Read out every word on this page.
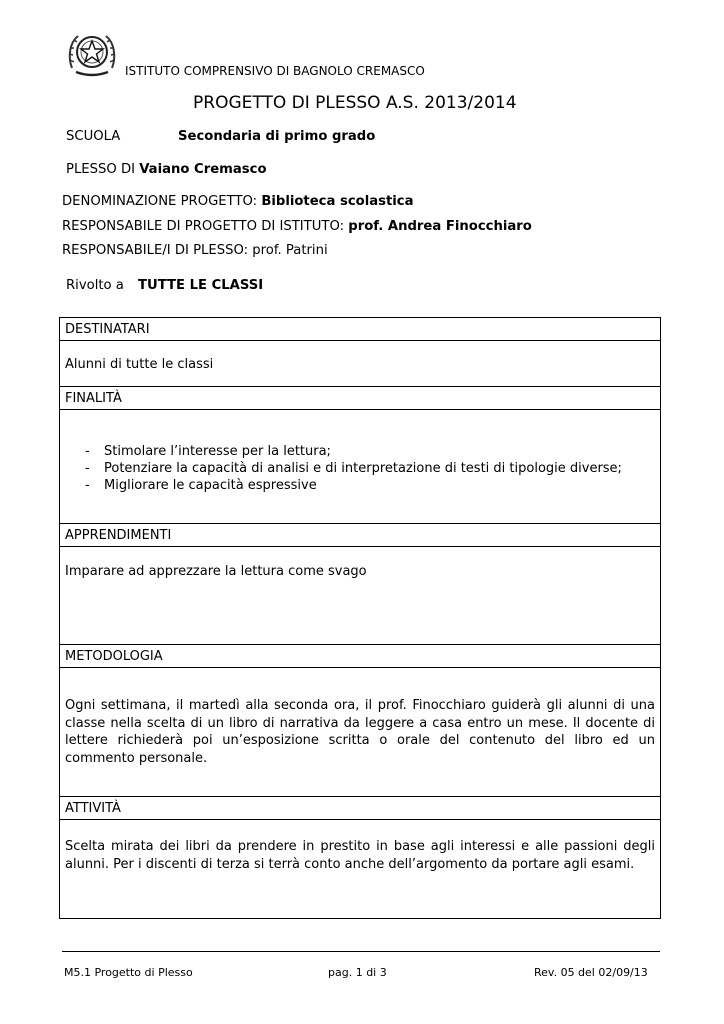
ISTITUTO COMPRENSIVO DI BAGNOLO CREMASCO
PROGETTO DI PLESSO A.S. 2013/2014
SCUOLA	Secondaria di primo grado
PLESSO DI Vaiano Cremasco
DENOMINAZIONE PROGETTO: Biblioteca scolastica
RESPONSABILE DI PROGETTO DI ISTITUTO: prof. Andrea Finocchiaro
RESPONSABILE/I DI PLESSO: prof. Patrini
Rivolto a TUTTE LE CLASSI
DESTINATARI
Alunni di tutte le classi
FINALITÀ
- Stimolare l’interesse per la lettura;
- Potenziare la capacità di analisi e di interpretazione di testi di tipologie diverse;
- Migliorare le capacità espressive
APPRENDIMENTI
Imparare ad apprezzare la lettura come svago
METODOLOGIA
Ogni settimana, il martedì alla seconda ora, il prof. Finocchiaro guiderà gli alunni di una classe nella scelta di un libro di narrativa da leggere a casa entro un mese. Il docente di lettere richiederà poi un’esposizione scritta o orale del contenuto del libro ed un commento personale.
ATTIVITÀ
Scelta mirata dei libri da prendere in prestito in base agli interessi e alle passioni degli alunni. Per i discenti di terza si terrà conto anche dell’argomento da portare agli esami.
M5.1 Progetto di Plesso	pag. 1 di 3	Rev. 05 del 02/09/13
